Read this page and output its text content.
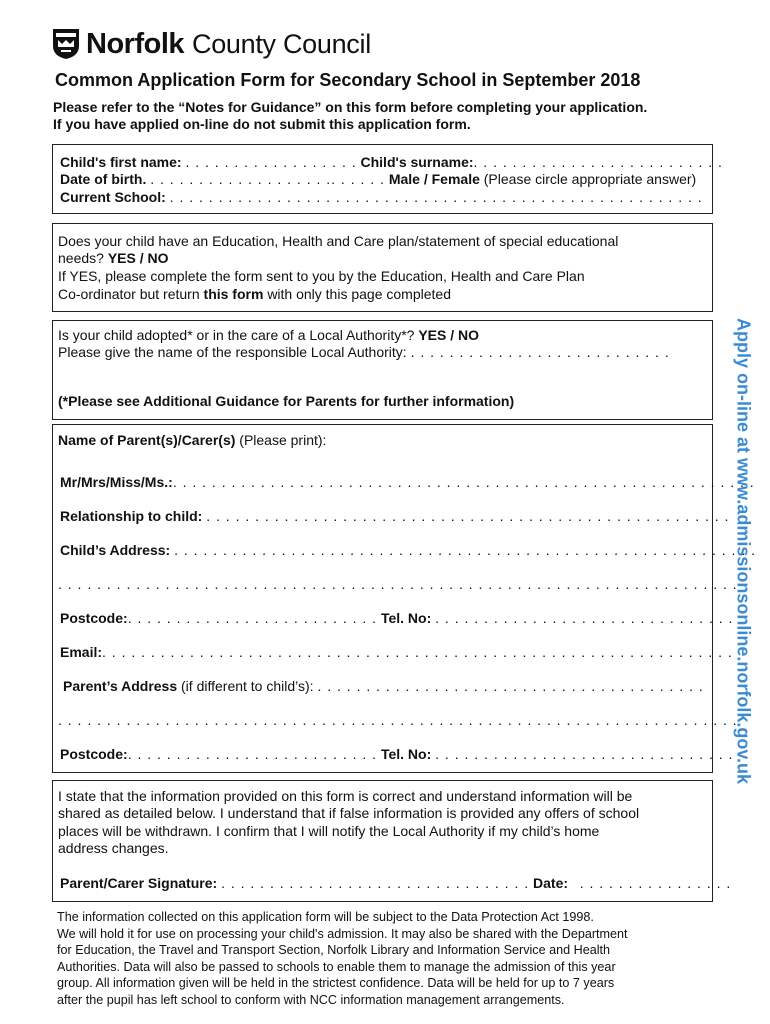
Norfolk County Council
Common Application Form for Secondary School in September 2018
Please refer to the “Notes for Guidance” on this form before completing your application.
If you have applied on-line do not submit this application form.
Child's first name: . . . . . . . . . . . . . . . . . . Child's surname:. . . . . . . . . . . . . . . . . . . . . . . . . .
Date of birth. . . . . . . . . . . . . . . . . . . .. . . . . . Male / Female (Please circle appropriate answer)
Current School: . . . . . . . . . . . . . . . . . . . . . . . . . . . . . . . . . . . . . . . . . . . . . . . . . . . . . . .
Does your child have an Education, Health and Care plan/statement of special educational
needs? YES / NO
If YES, please complete the form sent to you by the Education, Health and Care Plan
Co-ordinator but return this form with only this page completed
Is your child adopted* or in the care of a Local Authority*? YES / NO
Please give the name of the responsible Local Authority: . . . . . . . . . . . . . . . . . . . . . . . . . . .
(*Please see Additional Guidance for Parents for further information)
Name of Parent(s)/Carer(s) (Please print):
Mr/Mrs/Miss/Ms.:. . . . . . . . . . . . . . . . . . . . . . . . . . . . . . . . . . . . . . . . . . . . . . . . . . . . . . . . . . . .
Relationship to child: . . . . . . . . . . . . . . . . . . . . . . . . . . . . . . . . . . . . . . . . . . . . . . . . . . . . . .
Child’s Address: . . . . . . . . . . . . . . . . . . . . . . . . . . . . . . . . . . . . . . . . . . . . . . . . . . . . . . . . . . . .
. . . . . . . . . . . . . . . . . . . . . . . . . . . . . . . . . . . . . . . . . . . . . . . . . . . . . . . . . . . . . . . . . . . . . .
Postcode:. . . . . . . . . . . . . . . . . . . . . . . . . . Tel. No: . . . . . . . . . . . . . . . . . . . . . . . . . . . . . . .
Email:. . . . . . . . . . . . . . . . . . . . . . . . . . . . . . . . . . . . . . . . . . . . . . . . . . . . . . . . . . . . . . . . .
Parent’s Address (if different to child’s): . . . . . . . . . . . . . . . . . . . . . . . . . . . . . . . . . . . . . . . .
. . . . . . . . . . . . . . . . . . . . . . . . . . . . . . . . . . . . . . . . . . . . . . . . . . . . . . . . . . . . . . . . . . . . . .
Postcode:. . . . . . . . . . . . . . . . . . . . . . . . . . Tel. No: . . . . . . . . . . . . . . . . . . . . . . . . . . . . . . .
I state that the information provided on this form is correct and understand information will be
shared as detailed below. I understand that if false information is provided any offers of school
places will be withdrawn. I confirm that I will notify the Local Authority if my child’s home
address changes.
Parent/Carer Signature: . . . . . . . . . . . . . . . . . . . . . . . . . . . . . . . . Date: . . . . . . . . . . . . . . . .
Apply on-line at www.admissionsonline.norfolk.gov.uk
The information collected on this application form will be subject to the Data Protection Act 1998.
We will hold it for use on processing your child's admission. It may also be shared with the Department
for Education, the Travel and Transport Section, Norfolk Library and Information Service and Health
Authorities. Data will also be passed to schools to enable them to manage the admission of this year
group. All information given will be held in the strictest confidence. Data will be held for up to 7 years
after the pupil has left school to conform with NCC information management arrangements.
